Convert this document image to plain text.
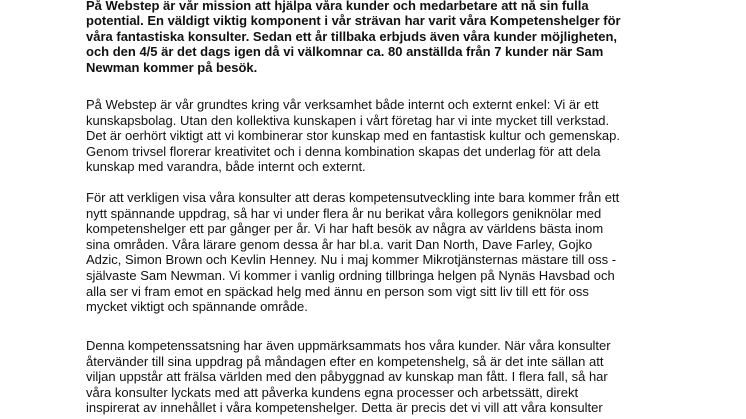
På Webstep är vår mission att hjälpa våra kunder och medarbetare att nå sin fulla
potential. En väldigt viktig komponent i vår strävan har varit våra Kompetenshelger för
våra fantastiska konsulter. Sedan ett år tillbaka erbjuds även våra kunder möjligheten,
och den 4/5 är det dags igen då vi välkomnar ca. 80 anställda från 7 kunder när Sam
Newman kommer på besök.

På Webstep är vår grundtes kring vår verksamhet både internt och externt enkel: Vi är ett
kunskapsbolag. Utan den kollektiva kunskapen i vårt företag har vi inte mycket till verkstad.
Det är oerhört viktigt att vi kombinerar stor kunskap med en fantastisk kultur och gemenskap.
Genom trivsel florerar kreativitet och i denna kombination skapas det underlag för att dela
kunskap med varandra, både internt och externt.

För att verkligen visa våra konsulter att deras kompetensutveckling inte bara kommer från ett
nytt spännande uppdrag, så har vi under flera år nu berikat våra kollegors geniknölar med
kompetenshelger ett par gånger per år. Vi har haft besök av några av världens bästa inom
sina områden. Våra lärare genom dessa år har bl.a. varit Dan North, Dave Farley, Gojko
Adzic, Simon Brown och Kevlin Henney. Nu i maj kommer Mikrotjänsternas mästare till oss -
självaste Sam Newman. Vi kommer i vanlig ordning tillbringa helgen på Nynäs Havsbad och
alla ser vi fram emot en späckad helg med ännu en person som vigt sitt liv till ett för oss
mycket viktigt och spännande område.

Denna kompetenssatsning har även uppmärksammats hos våra kunder. När våra konsulter
återvänder till sina uppdrag på måndagen efter en kompetenshelg, så är det inte sällan att
viljan uppstår att frälsa världen med den påbyggnad av kunskap man fått. I flera fall, så har
våra konsulter lyckats med att påverka kundens egna processer och arbetssätt, direkt
inspirerat av innehållet i våra kompetenshelger. Detta är precis det vi vill att våra konsulter
